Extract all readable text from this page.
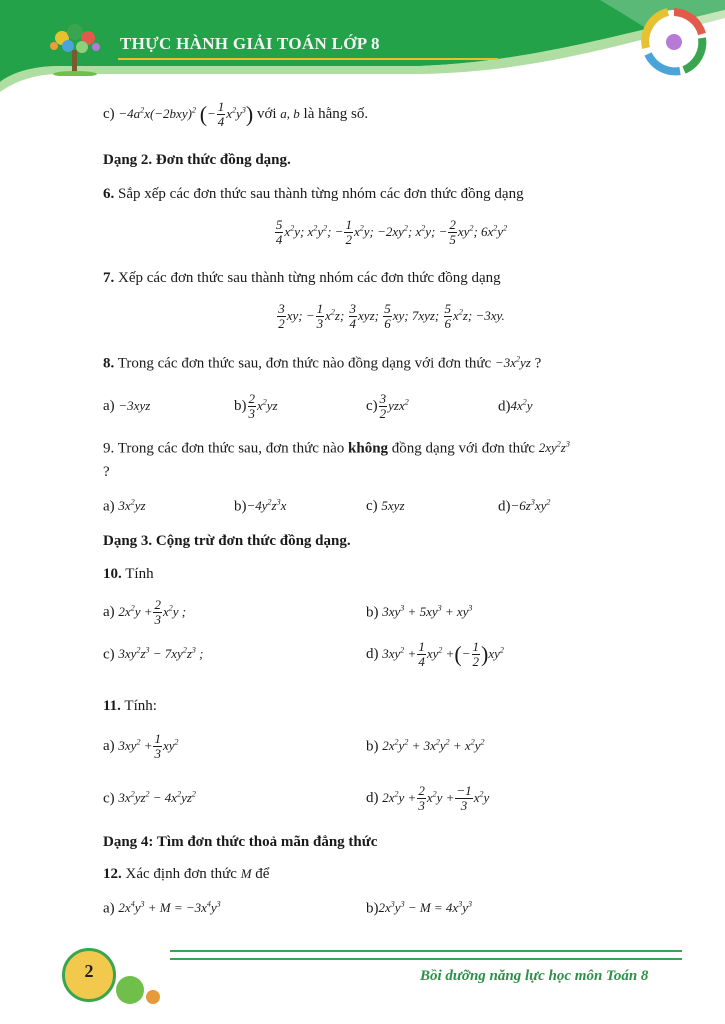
THỰC HÀNH GIẢI TOÁN LỚP 8
$c) -4a^2x(-2bxy)^2$ (− $\frac{1}{4} x^2y^3$) với a, b là hằng số.
Dạng 2. Đơn thức đồng dạng.
6. Sắp xếp các đơn thức sau thành từng nhóm các đơn thức đồng dạng
$\frac{5}{4} x^2y$; $x^2y^2$; − $\frac{1}{2} x^2y$; $-2xy^2$; $x^2y$; − $\frac{2}{5} xy^2$; $6x^2y^2$
7. Xếp các đơn thức sau thành từng nhóm các đơn thức đồng dạng
$\frac{3}{2}$ xy; − $\frac{1}{3} x^2z$; $\frac{3}{4}$ xyz; $\frac{5}{6}$ xy; 7xyz; $\frac{5}{6} x^2z$; −3xy.
8. Trong các đơn thức sau, đơn thức nào đồng dạng với đơn thức $-3x^2yz$ ?
a) −3xyz	$b) \frac{2}{3} x^2yz$	$c) \frac{3}{2} yzx^2$	$d)4x^2y$
9. Trong các đơn thức sau, đơn thức nào không đồng dạng với đơn thức $2xy^2z^3$
?
a) $3x^2yz$	$b)-4y^2z^3x$	c) 5xyz	$d)-6z^3xy^2$
Dạng 3. Cộng trừ đơn thức đồng dạng.
10. Tính
a) $2x^2y + \frac{2}{3} x^2y$ ;	b) $3xy^3 + 5xy^3 + xy^3$
c) $3xy^2z^3 - 7xy^2z^3$ ;	d) $3xy^2 + \frac{1}{4} xy^2$ +(− $\frac{1}{2} )xy^2$
11. Tính:
a) $3xy^2 + \frac{1}{3} xy^2$	b) $2x^2y^2 + 3x^2y^2 + x^2y^2$
c) $3x^2yz^2 - 4x^2yz^2$	d) $2x^2y + \frac{2}{3} x^2y + \frac{-1}{3} x^2y$
Dạng 4: Tìm đơn thức thoả mãn đẳng thức
12. Xác định đơn thức M để
a) $2x^4y^3 + M = -3x^4y^3$	$b)2x^3y^3 - M = 4x^3y^3$
2	Bồi dưỡng năng lực học môn Toán 8
